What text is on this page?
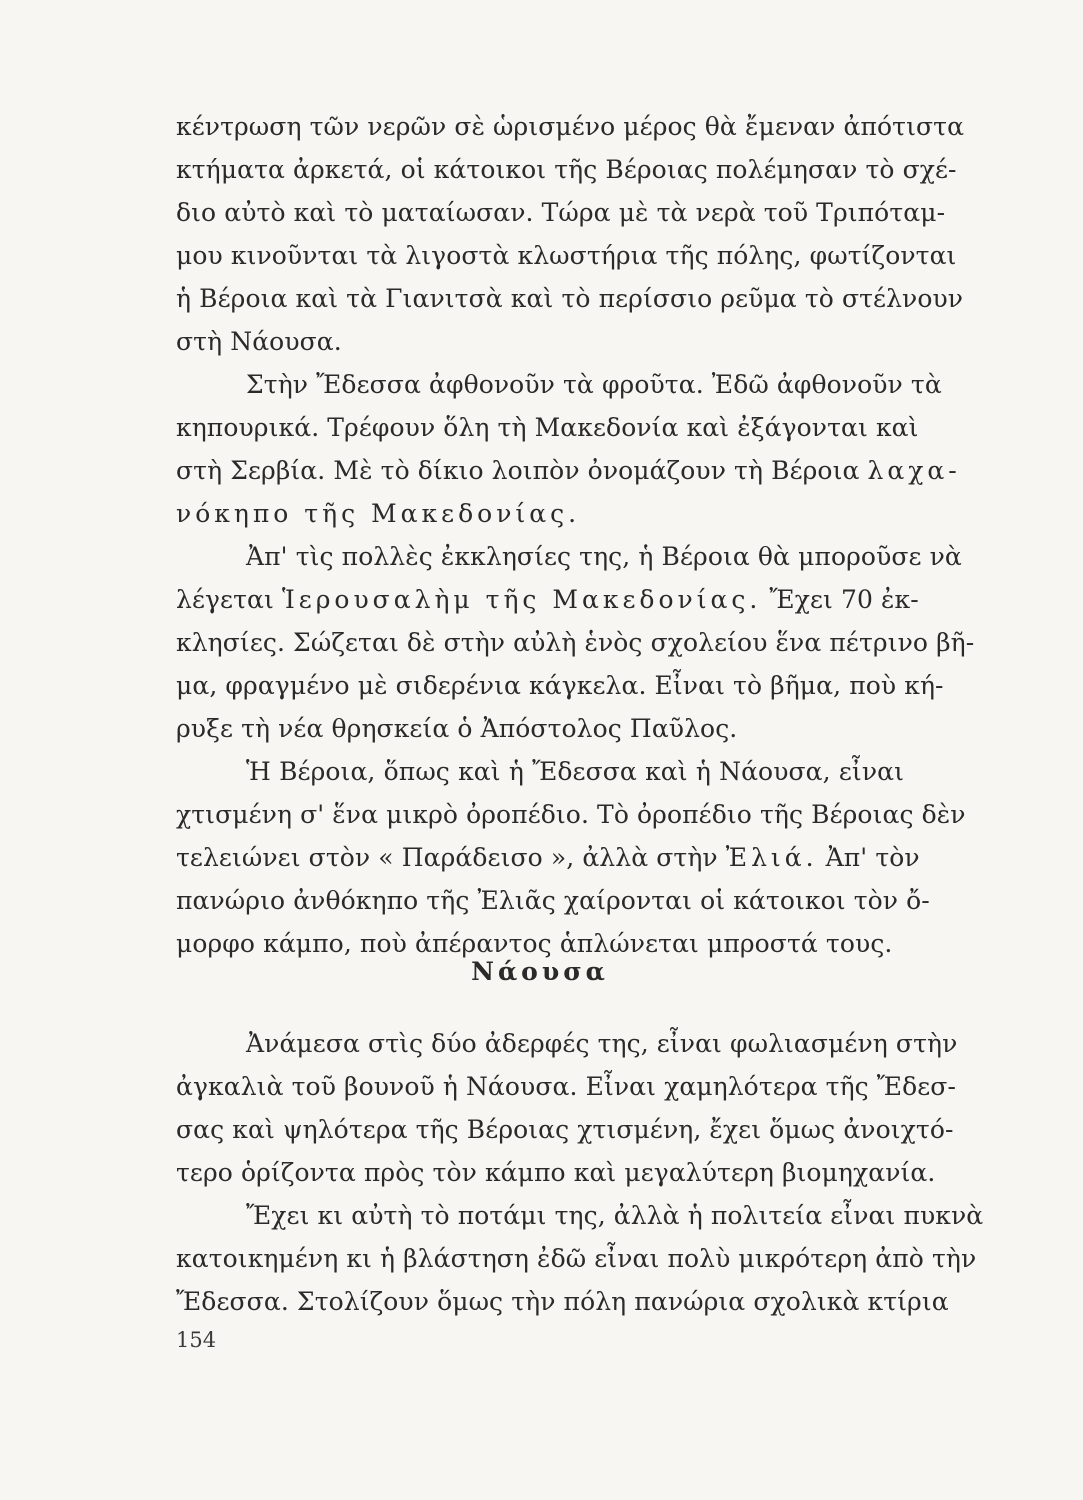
κέντρωση τῶν νερῶν σὲ ὡρισμένο μέρος θὰ ἔμεναν ἀπότιστα
κτήματα ἀρκετά, οἱ κάτοικοι τῆς Βέροιας πολέμησαν τὸ σχέ-
διο αὐτὸ καὶ τὸ ματαίωσαν. Τώρα μὲ τὰ νερὰ τοῦ Τριπόταμ-
μου κινοῦνται τὰ λιγοστὰ κλωστήρια τῆς πόλης, φωτίζονται
ἡ Βέροια καὶ τὰ Γιανιτσὰ καὶ τὸ περίσσιο ρεῦμα τὸ στέλνουν
στὴ Νάουσα.
Στὴν Ἔδεσσα ἀφθονοῦν τὰ φροῦτα. Ἐδῶ ἀφθονοῦν τὰ
κηπουρικά. Τρέφουν ὅλη τὴ Μακεδονία καὶ ἐξάγονται καὶ
στὴ Σερβία. Μὲ τὸ δίκιο λοιπὸν ὀνομάζουν τὴ Βέροια λαχα-
νόκηπο τῆς Μακεδονίας.
Ἀπ' τὶς πολλὲς ἐκκλησίες της, ἡ Βέροια θὰ μποροῦσε νὰ
λέγεται Ἱερουσαλὴμ τῆς Μακεδονίας. Ἔχει 70 ἐκ-
κλησίες. Σώζεται δὲ στὴν αὐλὴ ἑνὸς σχολείου ἕνα πέτρινο βῆ-
μα, φραγμένο μὲ σιδερένια κάγκελα. Εἶναι τὸ βῆμα, ποὺ κή-
ρυξε τὴ νέα θρησκεία ὁ Ἀπόστολος Παῦλος.
Ἡ Βέροια, ὅπως καὶ ἡ Ἔδεσσα καὶ ἡ Νάουσα, εἶναι
χτισμένη σ' ἕνα μικρὸ ὀροπέδιο. Τὸ ὀροπέδιο τῆς Βέροιας δὲν
τελειώνει στὸν « Παράδεισο », ἀλλὰ στὴν Ἐλιά. Ἀπ' τὸν
πανώριο ἀνθόκηπο τῆς Ἐλιᾶς χαίρονται οἱ κάτοικοι τὸν ὄ-
μορφο κάμπο, ποὺ ἀπέραντος ἁπλώνεται μπροστά τους.
Νάουσα
Ἀνάμεσα στὶς δύο ἀδερφές της, εἶναι φωλιασμένη στὴν
ἀγκαλιὰ τοῦ βουνοῦ ἡ Νάουσα. Εἶναι χαμηλότερα τῆς Ἔδεσ-
σας καὶ ψηλότερα τῆς Βέροιας χτισμένη, ἔχει ὅμως ἀνοιχτό-
τερο ὁρίζοντα πρὸς τὸν κάμπο καὶ μεγαλύτερη βιομηχανία.
Ἔχει κι αὐτὴ τὸ ποτάμι της, ἀλλὰ ἡ πολιτεία εἶναι πυκνὰ
κατοικημένη κι ἡ βλάστηση ἐδῶ εἶναι πολὺ μικρότερη ἀπὸ τὴν
Ἔδεσσα. Στολίζουν ὅμως τὴν πόλη πανώρια σχολικὰ κτίρια
154
